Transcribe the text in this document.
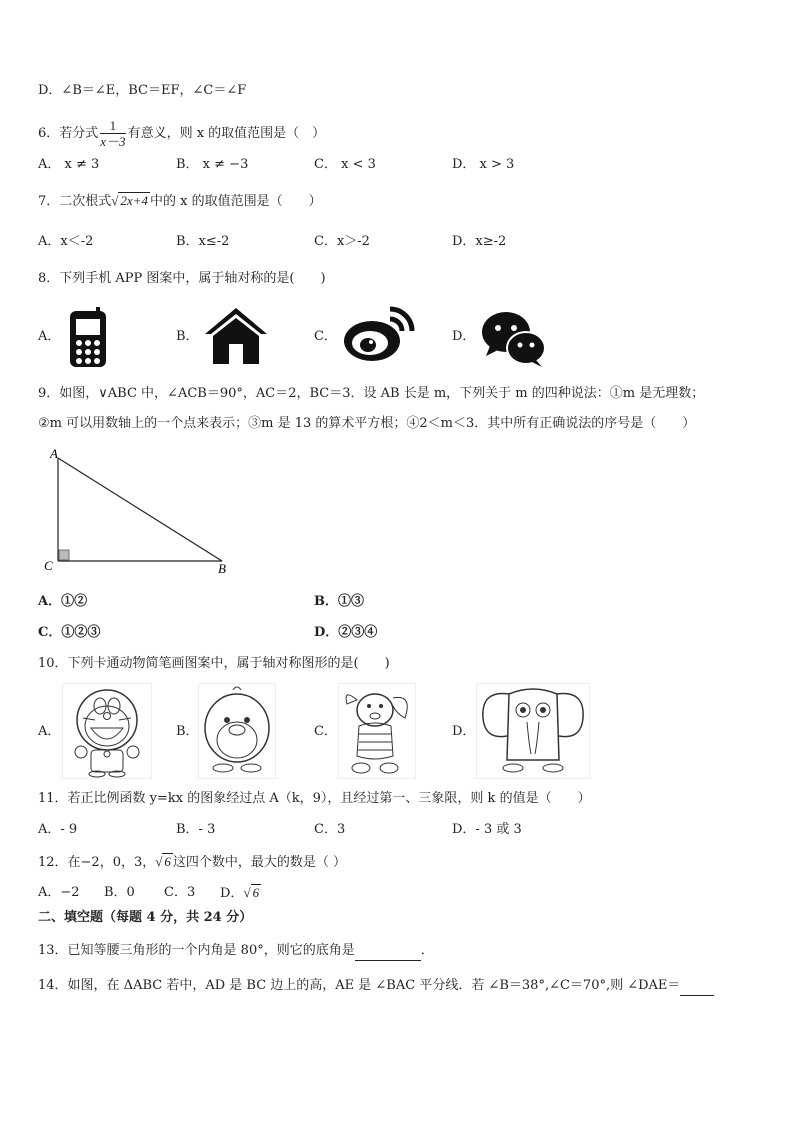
D．∠B＝∠E，BC＝EF，∠C＝∠F
6．若分式 $\frac{1}{x-3}$ 有意义，则 x 的取值范围是（　）
A． x ≠ 3	B． x ≠ −3	C． x < 3	D． x > 3
7．二次根式√ 2x+4 中的 x 的取值范围是（　　）
A．x＜-2	B．x≤-2	C．x＞-2	D．x≥-2
8．下列手机 APP 图案中，属于轴对称的是(　　)
A．	B．	C．	D．
9．如图，∨ABC 中，∠ACB＝90°，AC＝2，BC＝3．设 AB 长是 m，下列关于 m 的四种说法：①m 是无理数；
②m 可以用数轴上的一个点来表示；③m 是 13 的算术平方根；④2＜m＜3．其中所有正确说法的序号是（　　）
A
C	B
A．①②	B．①③
C．①②③	D．②③④
10．下列卡通动物简笔画图案中，属于轴对称图形的是(　　)
A．	B．	C．	D．
11．若正比例函数 y=kx 的图象经过点 A（k，9），且经过第一、三象限，则 k 的值是（　　）
A．- 9	B．- 3	C．3	D．- 3 或 3
12．在−2，0，3，√ 6 这四个数中，最大的数是（ ）
A．−2 B．0 C．3 D．√ 6
二、填空题（每题 4 分，共 24 分）
13．已知等腰三角形的一个内角是 80°，则它的底角是	．
14．如图，在 ΔABC 若中，AD 是 BC 边上的高，AE 是 ∠BAC 平分线．若 ∠B＝38°,∠C＝70°,则 ∠DAE＝
